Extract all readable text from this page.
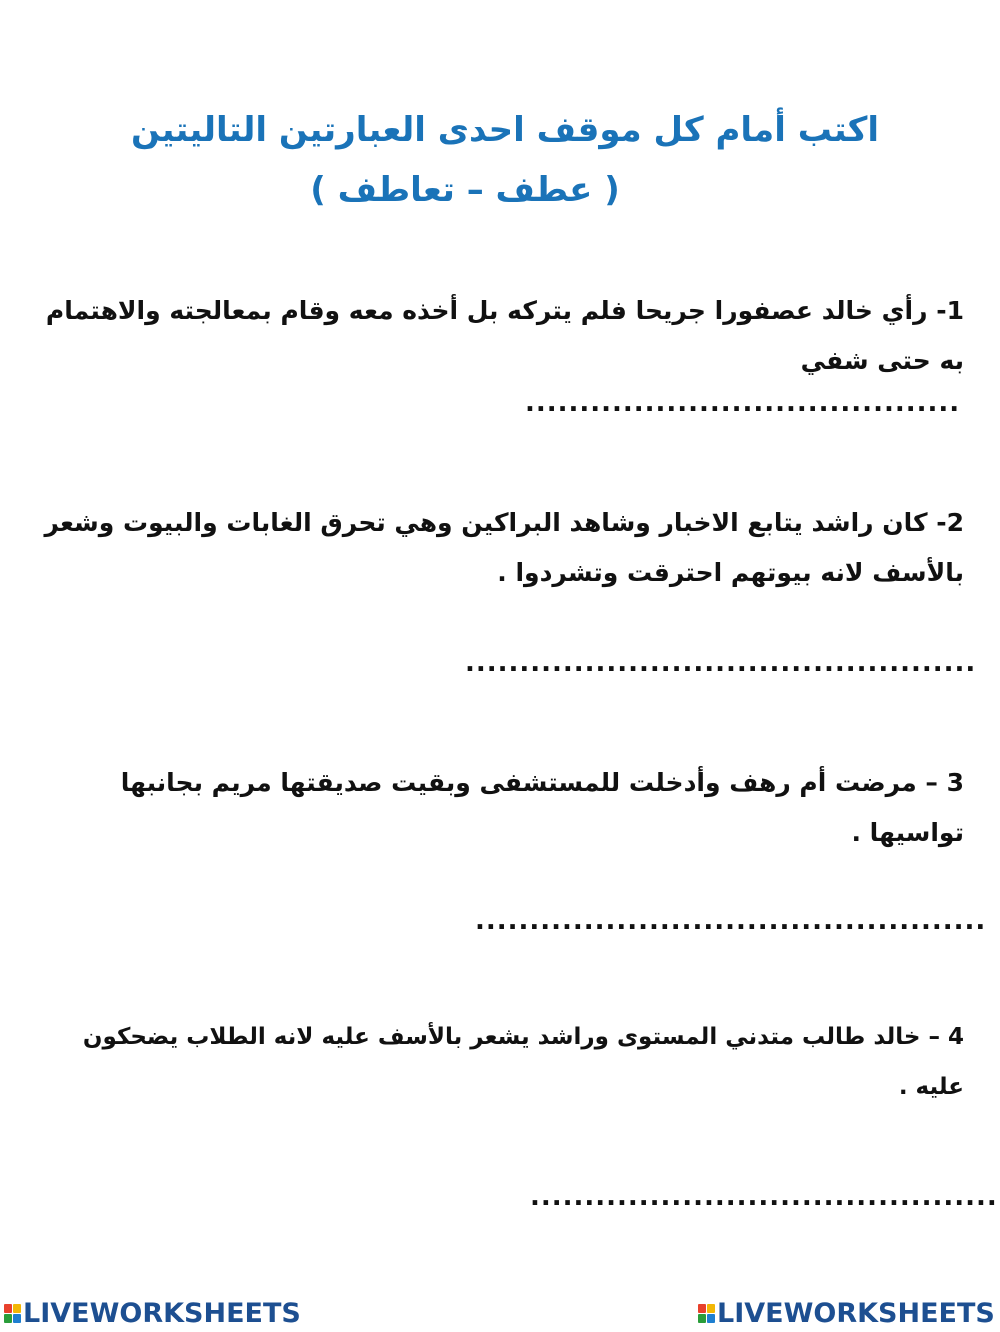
اكتب أمام كل موقف احدى العبارتين التاليتين
( عطف – تعاطف )
1- رأي خالد عصفورا جريحا فلم يتركه بل أخذه معه وقام بمعالجته والاهتمام به حتى شفي
........................................
2- كان راشد يتابع الاخبار وشاهد البراكين وهي تحرق الغابات والبيوت وشعر بالأسف لانه بيوتهم احترقت وتشردوا .
...............................................
3 – مرضت أم رهف وأدخلت للمستشفى وبقيت صديقتها مريم بجانبها تواسيها .
...............................................
4 – خالد طالب متدني المستوى وراشد يشعر بالأسف عليه لانه الطلاب يضحكون عليه .
...........................................
LIVEWORKSHEETS	LIVEWORKSHEETS
